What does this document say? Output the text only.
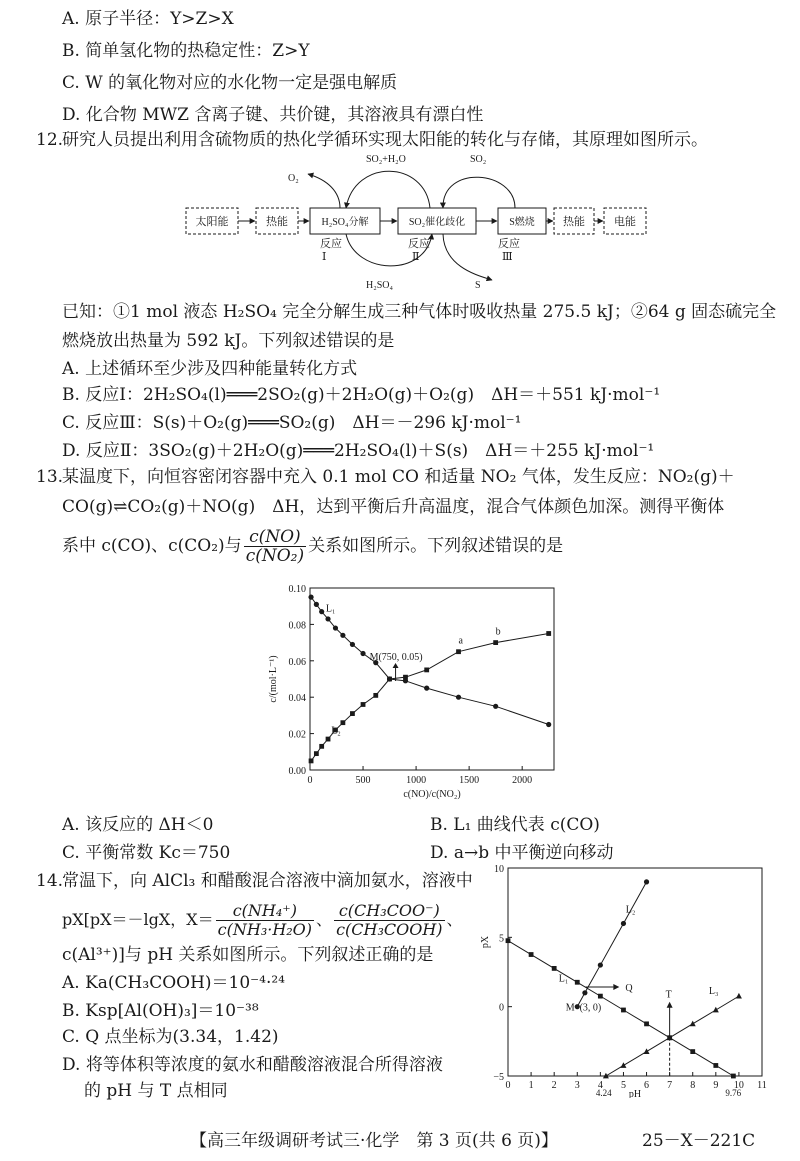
A. 原子半径：Y>Z>X
B. 简单氢化物的热稳定性：Z>Y
C. W 的氧化物对应的水化物一定是强电解质
D. 化合物 MWZ 含离子键、共价键，其溶液具有漂白性
12.
研究人员提出利用含硫物质的热化学循环实现太阳能的转化与存储，其原理如图所示。
太阳能	热能	H₂SO₄分解	SO₂催化歧化	S燃烧	热能	电能
O₂
SO₂+H₂O	SO₂
H₂SO₄	S
反应
Ⅰ
反应
Ⅱ
反应
Ⅲ
已知：①1 mol 液态 H₂SO₄ 完全分解生成三种气体时吸收热量 275.5 kJ；②64 g 固态硫完全
燃烧放出热量为 592 kJ。下列叙述错误的是
A. 上述循环至少涉及四种能量转化方式
B. 反应Ⅰ：2H₂SO₄(l)═══2SO₂(g)＋2H₂O(g)＋O₂(g)　ΔH＝＋551 kJ·mol⁻¹
C. 反应Ⅲ：S(s)＋O₂(g)═══SO₂(g)　ΔH＝－296 kJ·mol⁻¹
D. 反应Ⅱ：3SO₂(g)＋2H₂O(g)═══2H₂SO₄(l)＋S(s)　ΔH＝＋255 kJ·mol⁻¹
13.
某温度下，向恒容密闭容器中充入 0.1 mol CO 和适量 NO₂ 气体，发生反应：NO₂(g)＋
CO(g)⇌CO₂(g)＋NO(g)　ΔH，达到平衡后升高温度，混合气体颜色加深。测得平衡体
系中 c(CO)、c(CO₂)与 $\frac{c(NO)}{\text{c(NO₂)}}$ 关系如图所示。下列叙述错误的是
0.00
0.02
0.04
0.06
0.08
0.10
0	500	1000	1500	2000
c(NO)/c(NO₂)
c/(mol·L⁻¹)
L₁
L₂
M(750, 0.05)
a
b
A. 该反应的 ΔH＜0	B. L₁ 曲线代表 c(CO)
C. 平衡常数 Kc＝750	D. a→b 中平衡逆向移动
14.
常温下，向 AlCl₃ 和醋酸混合溶液中滴加氨水，溶液中
pX[pX＝－lgX，$X= \frac{\text{c(NH₄⁺)}}{\text{c(NH₃·H₂O)}}$ 、 $\frac{\text{c(CH₃COO⁻)}}{\text{c(CH₃COOH)}}$ 、
c(Al³⁺)]与 pH 关系如图所示。下列叙述正确的是
A. Ka(CH₃COOH)＝10⁻⁴·²⁴
B. Ksp[Al(OH)₃]＝10⁻³⁸
C. Q 点坐标为(3.34，1.42)
D. 将等体积等浓度的氨水和醋酸溶液混合所得溶液
的 pH 与 T 点相同
−5
0
5
10
0 1 2 3 4 5 6 7 8 9 10 11
pH
pX
L₁
L₂
L₃
Q
M (3, 0)
T
4.24	9.76
【高三年级调研考试三·化学　第 3 页(共 6 页)】	25－X－221C
